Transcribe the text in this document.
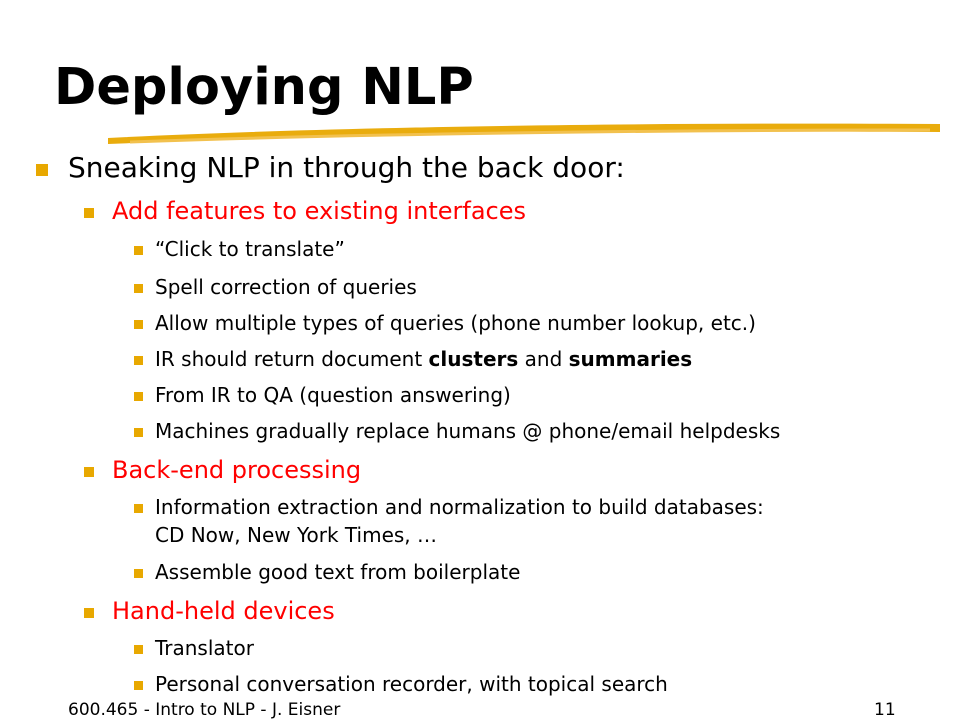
Deploying NLP
Sneaking NLP in through the back door:
Add features to existing interfaces
“Click to translate”
Spell correction of queries
Allow multiple types of queries (phone number lookup, etc.)
IR should return document clusters and summaries
From IR to QA (question answering)
Machines gradually replace humans @ phone/email helpdesks
Back-end processing
Information extraction and normalization to build databases:
CD Now, New York Times, …
Assemble good text from boilerplate
Hand-held devices
Translator
Personal conversation recorder, with topical search
600.465 - Intro to NLP - J. Eisner	11
